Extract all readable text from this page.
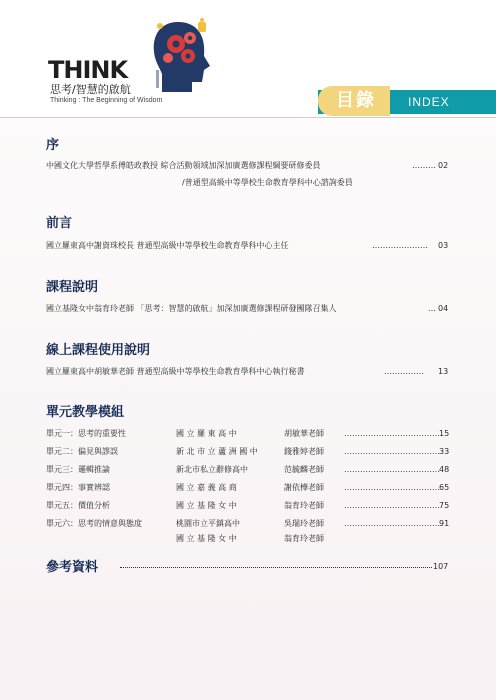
THINK
思考/智慧的啟航
Thinking : The Beginning of Wisdom	目錄	INDEX
序
中國文化大學哲學系傅皓政教授 綜合活動領域加深加廣選修課程綱要研修委員	……… 02
/普通型高級中等學校生命教育學科中心諮詢委員
前言
國立羅東高中謝資珠校長 普通型高級中等學校生命教育學科中心主任	………………… 03
課程說明
國立基隆女中翁育玲老師 「思考：智慧的啟航」加深加廣選修課程研發團隊召集人	… 04
線上課程使用說明
國立羅東高中胡敏華老師 普通型高級中等學校生命教育學科中心執行秘書	…………… 13
單元教學模組
單元一：思考的重要性	國 立 羅 東 高 中	胡敏華老師	……………………………… 15
單元二：偏見與謬誤	新 北 市 立 蘆 洲 國 中	錢雅婷老師	……………………………… 33
單元三：邏輯推論	新北市私立辭修高中	范毓麟老師	……………………………… 48
單元四：事實辨認	國 立 嘉 義 高 商	謝依樺老師	……………………………… 65
單元五：價值分析	國 立 基 隆 女 中	翁育玲老師	……………………………… 75
單元六：思考的情意與態度	桃園市立平鎮高中	吳瑞玲老師	……………………………… 91
國 立 基 隆 女 中	翁育玲老師
參考資料	107
